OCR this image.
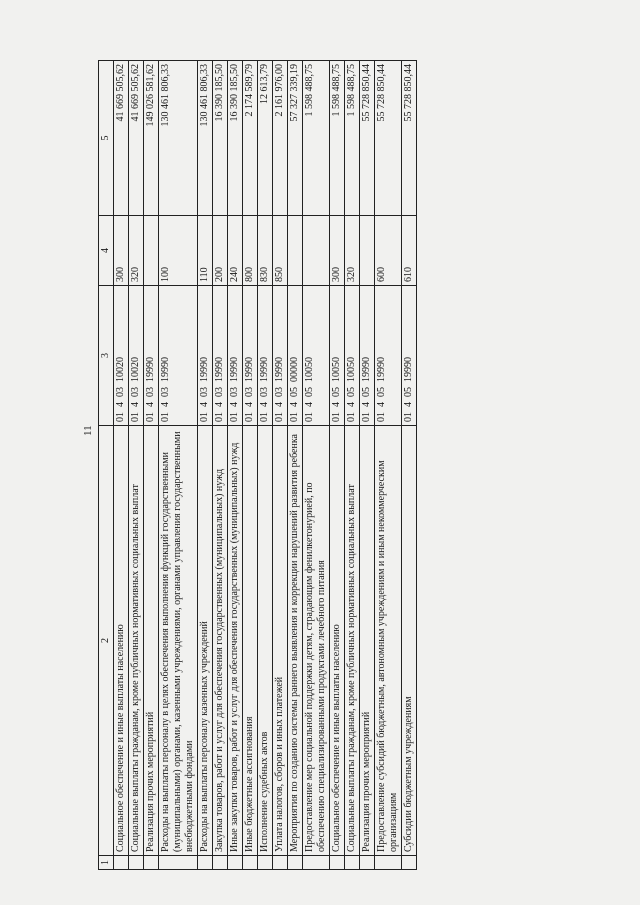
11
1	2	3	4	5
	Социальное обеспечение и иные выплаты населению	01  4  03  10020	300	41 669 505,62
	Социальные выплаты гражданам, кроме публичных нормативных социальных выплат	01  4  03  10020	320	41 669 505,62
	Реализация прочих мероприятий	01  4  03  19990		149 026 581,62
	Расходы на выплаты персоналу в целях обеспечения выполнения функций государственными (муниципальными) органами, казенными учреждениями, органами управления государственными внебюджетными фондами	01  4  03  19990	100	130 461 806,33
	Расходы на выплаты персоналу казенных учреждений	01  4  03  19990	110	130 461 806,33
	Закупка товаров, работ и услуг для обеспечения государственных (муниципальных) нужд	01  4  03  19990	200	16 390 185,50
	Иные закупки товаров, работ и услуг для обеспечения государственных (муниципальных) нужд	01  4  03  19990	240	16 390 185,50
	Иные бюджетные ассигнования	01  4  03  19990	800	2 174 589,79
	Исполнение судебных актов	01  4  03  19990	830	12 613,79
	Уплата налогов, сборов и иных платежей	01  4  03  19990	850	2 161 976,00
	Мероприятия по созданию системы раннего выявления и коррекции нарушений развития ребенка	01  4  05  00000		57 327 339,19
	Предоставление мер социальной поддержки детям, страдающим фенилкетонурией, по обеспечению специализированными продуктами лечебного питания	01  4  05  10050		1 598 488,75
	Социальное обеспечение и иные выплаты населению	01  4  05  10050	300	1 598 488,75
	Социальные выплаты гражданам, кроме публичных нормативных социальных выплат	01  4  05  10050	320	1 598 488,75
	Реализация прочих мероприятий	01  4  05  19990		55 728 850,44
	Предоставление субсидий бюджетным, автономным учреждениям и иным некоммерческим организациям	01  4  05  19990	600	55 728 850,44
	Субсидии бюджетным учреждениям	01  4  05  19990	610	55 728 850,44
